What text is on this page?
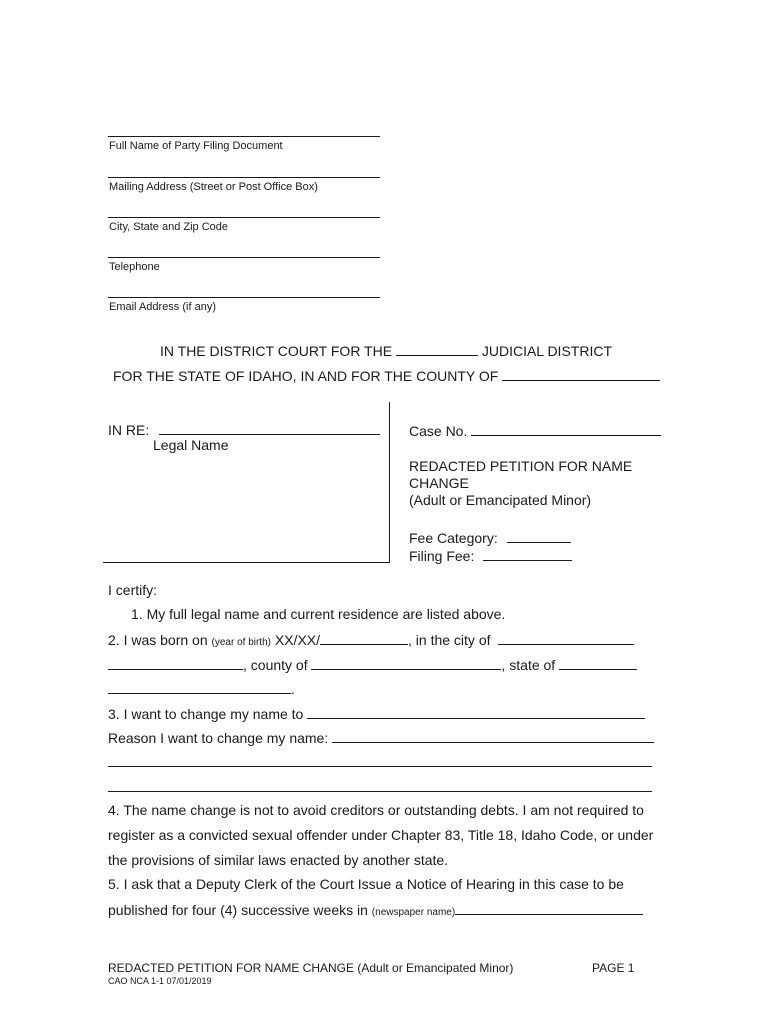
Full Name of Party Filing Document
Mailing Address (Street or Post Office Box)
City, State and Zip Code
Telephone
Email Address (if any)
IN THE DISTRICT COURT FOR THE	JUDICIAL DISTRICT
FOR THE STATE OF IDAHO, IN AND FOR THE COUNTY OF
IN RE:
Legal Name
Case No.
REDACTED PETITION FOR NAME
CHANGE
(Adult or Emancipated Minor)
Fee Category:
Filing Fee:
I certify:
1. My full legal name and current residence are listed above.
2. I was born on (year of birth) XX/XX/	, in the city of
, county of	, state of
.
3. I want to change my name to
Reason I want to change my name:
4. The name change is not to avoid creditors or outstanding debts. I am not required to
register as a convicted sexual offender under Chapter 83, Title 18, Idaho Code, or under
the provisions of similar laws enacted by another state.
5. I ask that a Deputy Clerk of the Court Issue a Notice of Hearing in this case to be
published for four (4) successive weeks in (newspaper name)
REDACTED PETITION FOR NAME CHANGE (Adult or Emancipated Minor)	PAGE 1
CAO NCA 1-1 07/01/2019
